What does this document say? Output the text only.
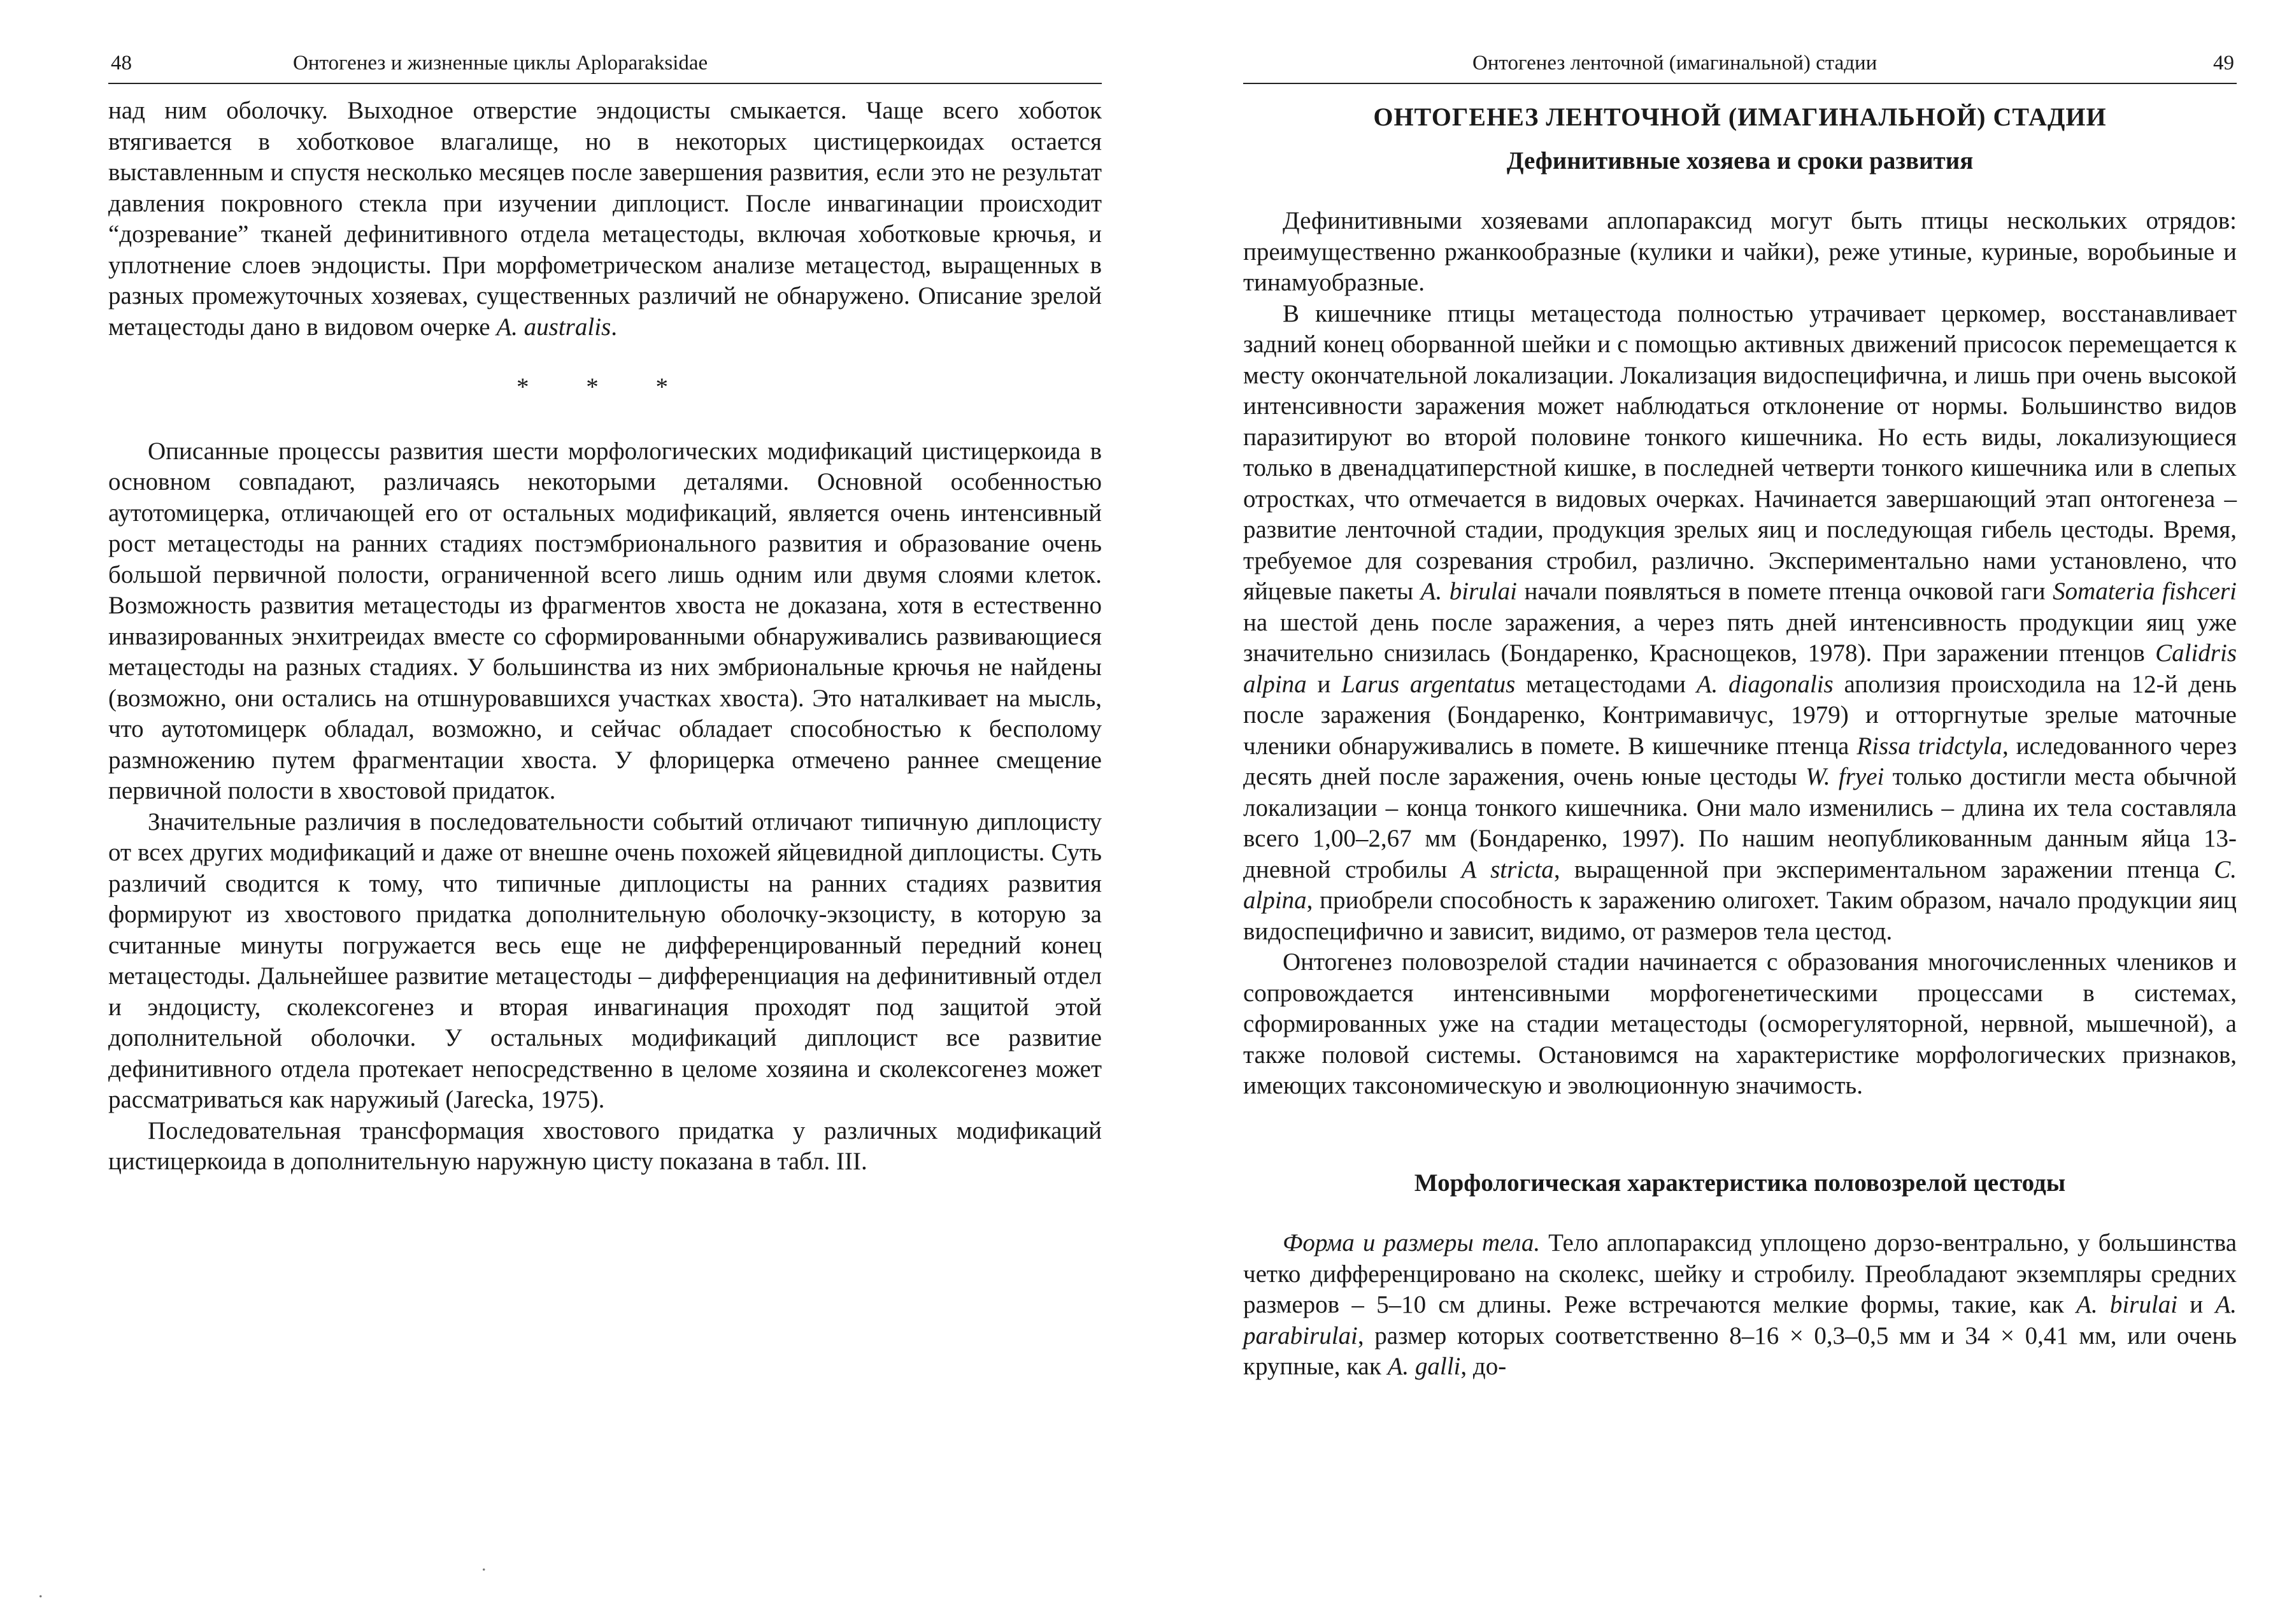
48	Онтогенез и жизненные циклы Aploparaksidae

над ним оболочку. Выходное отверстие эндоцисты смыкается. Чаще всего хоботок втягивается в хоботковое влагалище, но в некоторых цистицеркоидах остается выставленным и спустя несколько месяцев после завершения развития, если это не результат давления покровного стекла при изучении диплоцист. После инвагинации происходит “дозревание” тканей дефинитивного отдела метацестоды, включая хоботковые крючья, и уплотнение слоев эндоцисты. При морфометрическом анализе метацестод, выращенных в разных промежуточных хозяевах, существенных различий не обнаружено. Описание зрелой метацестоды дано в видовом очерке A. australis.

* * *

Описанные процессы развития шести морфологических модификаций цистицеркоида в основном совпадают, различаясь некоторыми деталями. Основной особенностью аутотомицерка, отличающей его от остальных модификаций, является очень интенсивный рост метацестоды на ранних стадиях постэмбрионального развития и образование очень большой первичной полости, ограниченной всего лишь одним или двумя слоями клеток. Возможность развития метацестоды из фрагментов хвоста не доказана, хотя в естественно инвазированных энхитреидах вместе со сформированными обнаруживались развивающиеся метацестоды на разных стадиях. У большинства из них эмбриональные крючья не найдены (возможно, они остались на отшнуровавшихся участках хвоста). Это наталкивает на мысль, что аутотомицерк обладал, возможно, и сейчас обладает способностью к бесполому размножению путем фрагментации хвоста. У флорицерка отмечено раннее смещение первичной полости в хвостовой придаток.

Значительные различия в последовательности событий отличают типичную диплоцисту от всех других модификаций и даже от внешне очень похожей яйцевидной диплоцисты. Суть различий сводится к тому, что типичные диплоцисты на ранних стадиях развития формируют из хвостового придатка дополнительную оболочку-экзоцисту, в которую за считанные минуты погружается весь еще не дифференцированный передний конец метацестоды. Дальнейшее развитие метацестоды – дифференциация на дефинитивный отдел и эндоцисту, сколексогенез и вторая инвагинация проходят под защитой этой дополнительной оболочки. У остальных модификаций диплоцист все развитие дефинитивного отдела протекает непосредственно в целоме хозяина и сколексогенез может рассматриваться как наружиый (Jarecka, 1975).

Последовательная трансформация хвостового придатка у различных модификаций цистицеркоида в дополнительную наружную цисту показана в табл. III.

Онтогенез ленточной (имагинальной) стадии	49
ОНТОГЕНЕЗ ЛЕНТОЧНОЙ (ИМАГИНАЛЬНОЙ) СТАДИИ
Дефинитивные хозяева и сроки развития

Дефинитивными хозяевами аплопараксид могут быть птицы нескольких отрядов: преимущественно ржанкообразные (кулики и чайки), реже утиные, куриные, воробьиные и тинамуобразные.

В кишечнике птицы метацестода полностью утрачивает церкомер, восстанавливает задний конец оборванной шейки и с помощью активных движений присосок перемещается к месту окончательной локализации. Локализация видоспецифична, и лишь при очень высокой интенсивности заражения может наблюдаться отклонение от нормы. Большинство видов паразитируют во второй половине тонкого кишечника. Но есть виды, локализующиеся только в двенадцатиперстной кишке, в последней четверти тонкого кишечника или в слепых отростках, что отмечается в видовых очерках. Начинается завершающий этап онтогенеза – развитие ленточной стадии, продукция зрелых яиц и последующая гибель цестоды. Время, требуемое для созревания стробил, различно. Экспериментально нами установлено, что яйцевые пакеты A. birulai начали появляться в помете птенца очковой гаги Somateria fishceri на шестой день после заражения, а через пять дней интенсивность продукции яиц уже значительно снизилась (Бондаренко, Краснощеков, 1978). При заражении птенцов Calidris alpina и Larus argentatus метацестодами A. diagonalis аполизия происходила на 12-й день после заражения (Бондаренко, Контримавичус, 1979) и отторгнутые зрелые маточные членики обнаруживались в помете. В кишечнике птенца Rissa tridctyla, иследованного через десять дней после заражения, очень юные цестоды W. fryei только достигли места обычной локализации – конца тонкого кишечника. Они мало изменились – длина их тела составляла всего 1,00–2,67 мм (Бондаренко, 1997). По нашим неопубликованным данным яйца 13-дневной стробилы A stricta, выращенной при экспериментальном заражении птенца C. alpina, приобрели способность к заражению олигохет. Таким образом, начало продукции яиц видоспецифично и зависит, видимо, от размеров тела цестод.

Онтогенез половозрелой стадии начинается с образования многочисленных члеников и сопровождается интенсивными морфогенетическими процессами в системах, сформированных уже на стадии метацестоды (осморегуляторной, нервной, мышечной), а также половой системы. Остановимся на характеристике морфологических признаков, имеющих таксономическую и эволюционную значимость.

Морфологическая характеристика половозрелой цестоды

Форма и размеры тела. Тело аплопараксид уплощено дорзо-вентрально, у большинства четко дифференцировано на сколекс, шейку и стробилу. Преобладают экземпляры средних размеров – 5–10 см длины. Реже встречаются мелкие формы, такие, как A. birulai и A. parabirulai, размер которых соответственно 8–16 × 0,3–0,5 мм и 34 × 0,41 мм, или очень крупные, как A. galli, до-

.
.
